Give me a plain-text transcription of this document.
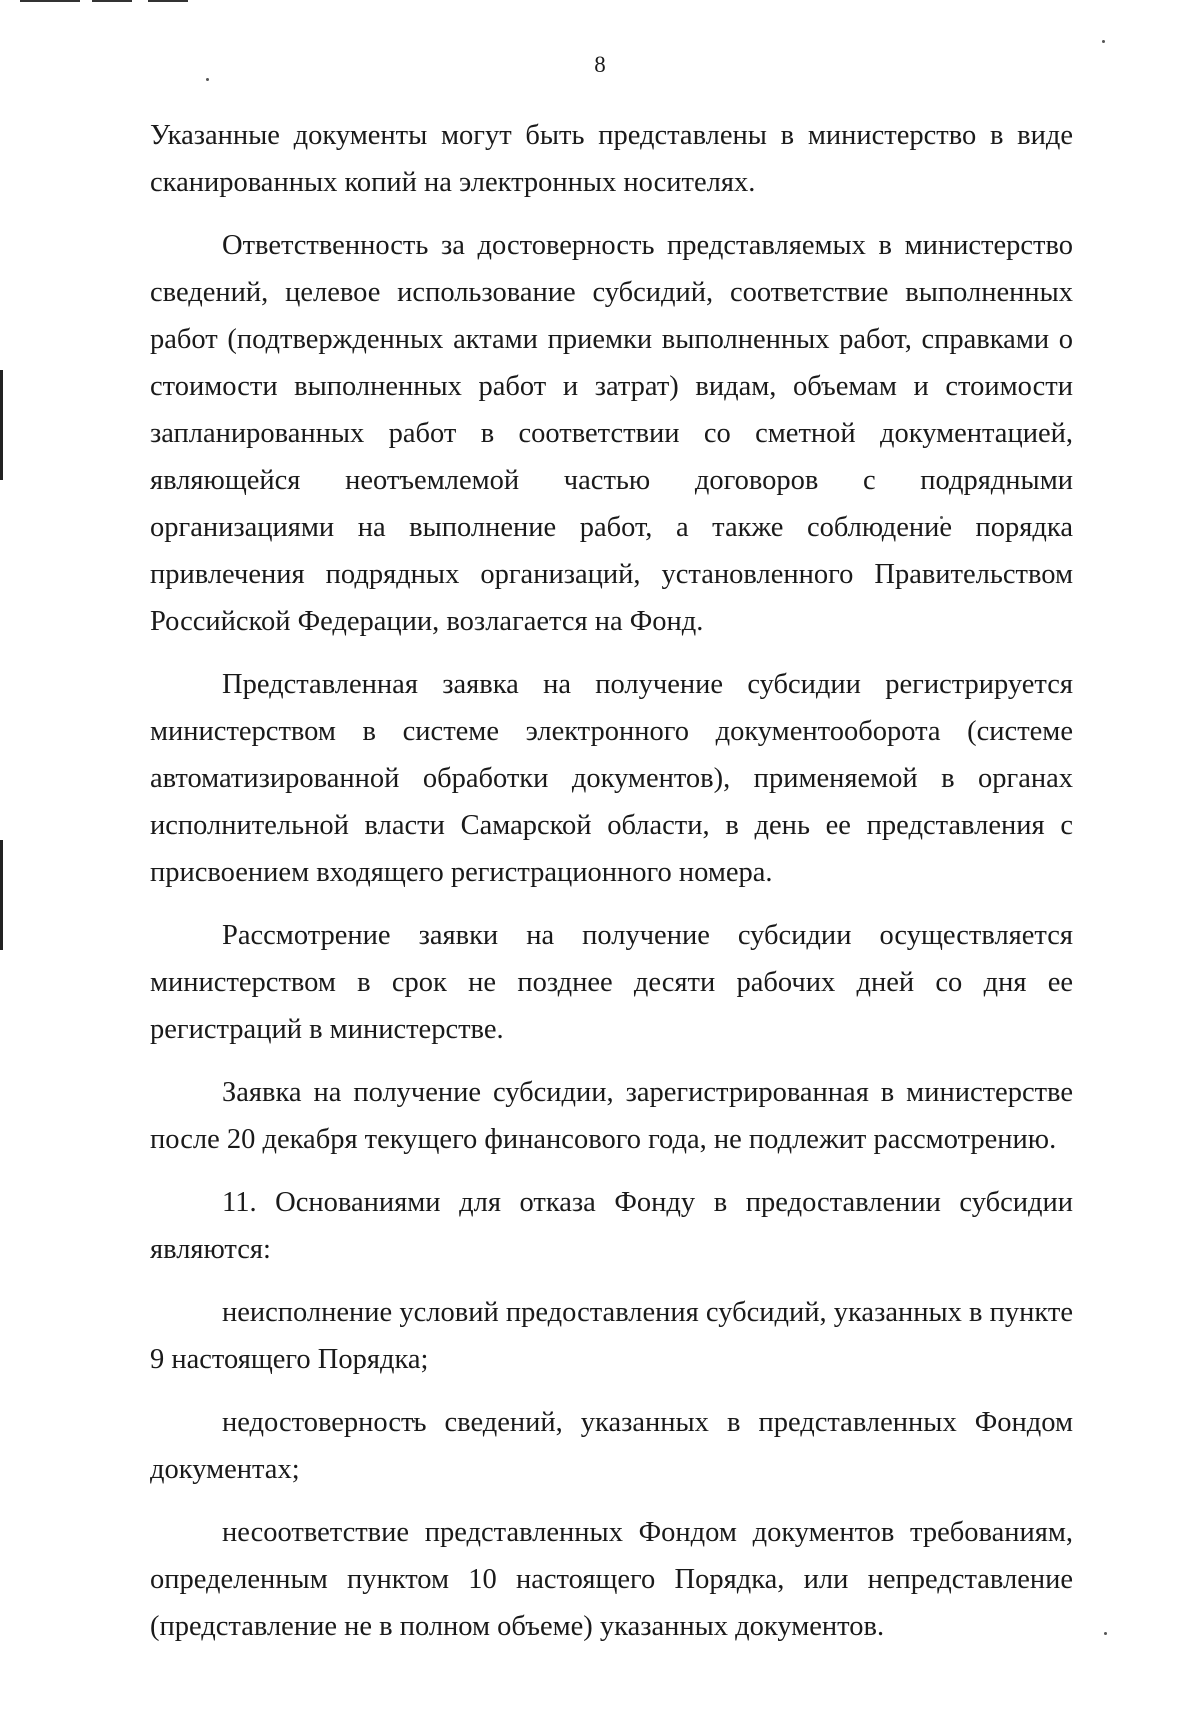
8

Указанные документы могут быть представлены в министерство в виде сканированных копий на электронных носителях.

Ответственность за достоверность представляемых в министерство сведений, целевое использование субсидий, соответствие выполненных работ (подтвержденных актами приемки выполненных работ, справками о стоимости выполненных работ и затрат) видам, объемам и стоимости запланированных работ в соответствии со сметной документацией, являющейся неотъемлемой частью договоров с подрядными организациями на выполнение работ, а также соблюдение порядка привлечения подрядных организаций, установленного Правительством Российской Федерации, возлагается на Фонд.

Представленная заявка на получение субсидии регистрируется министерством в системе электронного документооборота (системе автоматизированной обработки документов), применяемой в органах исполнительной власти Самарской области, в день ее представления с присвоением входящего регистрационного номера.

Рассмотрение заявки на получение субсидии осуществляется министерством в срок не позднее десяти рабочих дней со дня ее регистраций в министерстве.

Заявка на получение субсидии, зарегистрированная в министерстве после 20 декабря текущего финансового года, не подлежит рассмотрению.

11. Основаниями для отказа Фонду в предоставлении субсидии являются:

неисполнение условий предоставления субсидий, указанных в пункте 9 настоящего Порядка;

недостоверность сведений, указанных в представленных Фондом документах;

несоответствие представленных Фондом документов требованиям, определенным пунктом 10 настоящего Порядка, или непредставление (представление не в полном объеме) указанных документов.
